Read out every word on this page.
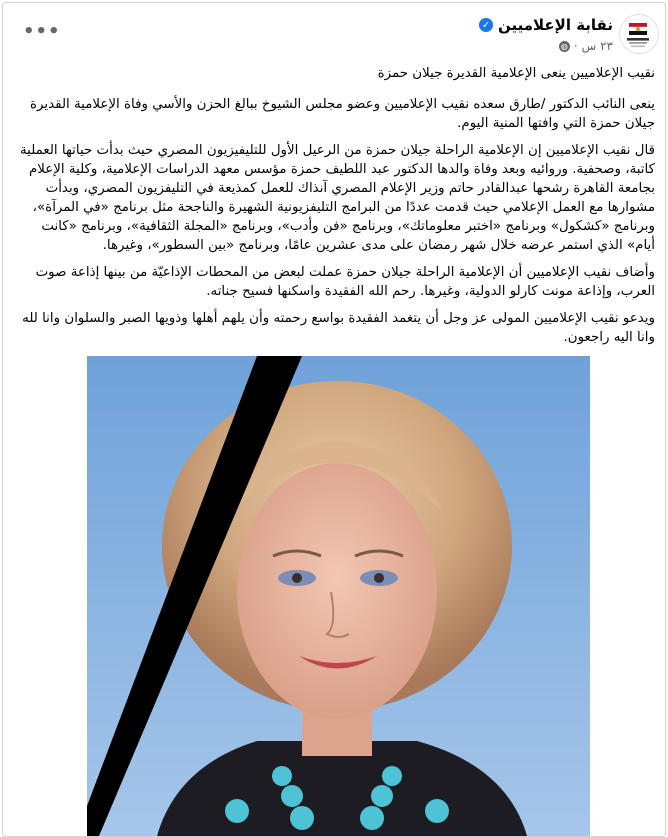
نقابة الإعلاميين
✓
٢٣ س
·
◍
•••

نقيب الإعلاميين ينعى الإعلامية القديرة جيلان حمزة

ينعى النائب الدكتور /طارق سعده نقيب الإعلاميين وعضو مجلس الشيوخ ببالغ الحزن والأسي وفاة الإعلامية القديرة جيلان حمزة التي وافتها المنية اليوم.

قال نقيب الإعلاميين إن الإعلامية الراحلة جيلان حمزة من الرعيل الأول للتليفيزيون المصري حيث بدأت حياتها العملية كاتبة، وصحفية. وروائيه وبعد وفاة والدها الدكتور عبد اللطيف حمزة مؤسس معهد الدراسات الإعلامية، وكلية الإعلام بجامعة القاهرة رشحها عبدالقادر حاتم وزير الإعلام المصري آنذاك للعمل كمذيعة في التليفزيون المصري، وبدأت مشوارها مع العمل الإعلامي حيث قدمت عددًا من البرامج التليفزيونية الشهيرة والناجحة مثل برنامج «في المرآة»، وبرنامج «كشكول» وبرنامج «اختبر معلوماتك»، وبرنامج «فن وأدب»، وبرنامج «المجلة الثقافية»، وبرنامج «كانت أيام» الذي استمر عرضه خلال شهر رمضان على مدى عشرين عامًا، وبرنامج «بين السطور»، وغيرها.

وأضاف نقيب الإعلاميين أن الإعلامية الراحلة جيلان حمزة عملت لبعض من المحطات الإذاعيّة من بينها إذاعة صوت العرب، وإذاعة مونت كارلو الدولية، وغيرها. رحم الله الفقيدة واسكنها فسيح جناته.

ويدعو نقيب الإعلاميين المولى عز وجل أن يتغمد الفقيدة بواسع رحمته وأن يلهم أهلها وذويها الصبر والسلوان وانا لله وانا اليه راجعون.
